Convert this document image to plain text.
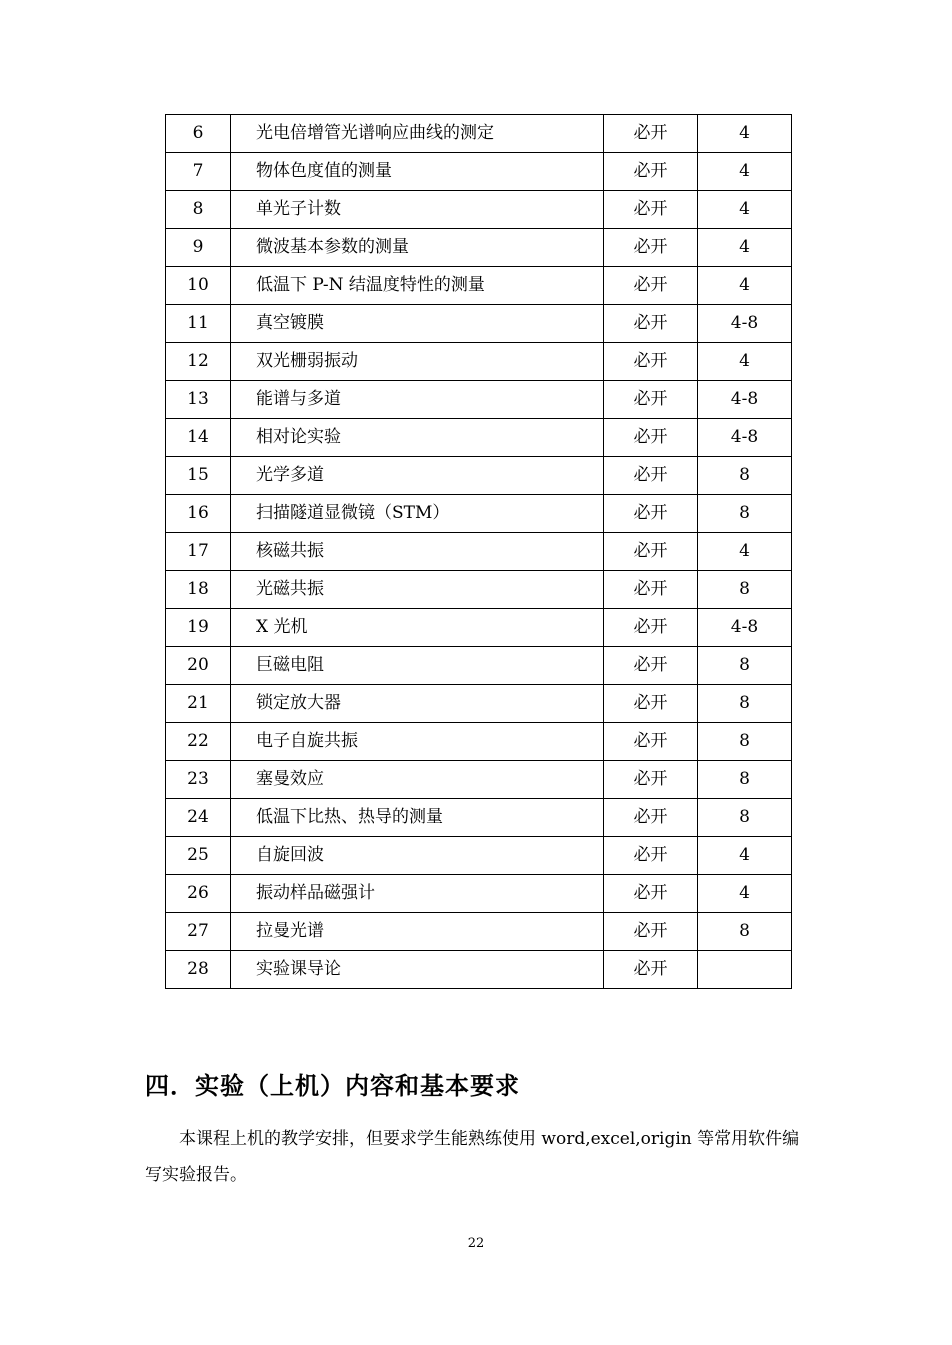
6	光电倍增管光谱响应曲线的测定	必开	4
7	物体色度值的测量	必开	4
8	单光子计数	必开	4
9	微波基本参数的测量	必开	4
10	低温下 P-N 结温度特性的测量	必开	4
11	真空镀膜	必开	4-8
12	双光栅弱振动	必开	4
13	能谱与多道	必开	4-8
14	相对论实验	必开	4-8
15	光学多道	必开	8
16	扫描隧道显微镜（STM）	必开	8
17	核磁共振	必开	4
18	光磁共振	必开	8
19	X 光机	必开	4-8
20	巨磁电阻	必开	8
21	锁定放大器	必开	8
22	电子自旋共振	必开	8
23	塞曼效应	必开	8
24	低温下比热、热导的测量	必开	8
25	自旋回波	必开	4
26	振动样品磁强计	必开	4
27	拉曼光谱	必开	8
28	实验课导论	必开	
四．实验（上机）内容和基本要求
本课程上机的教学安排，但要求学生能熟练使用 word,excel,origin 等常用软件编写实验报告。
22
